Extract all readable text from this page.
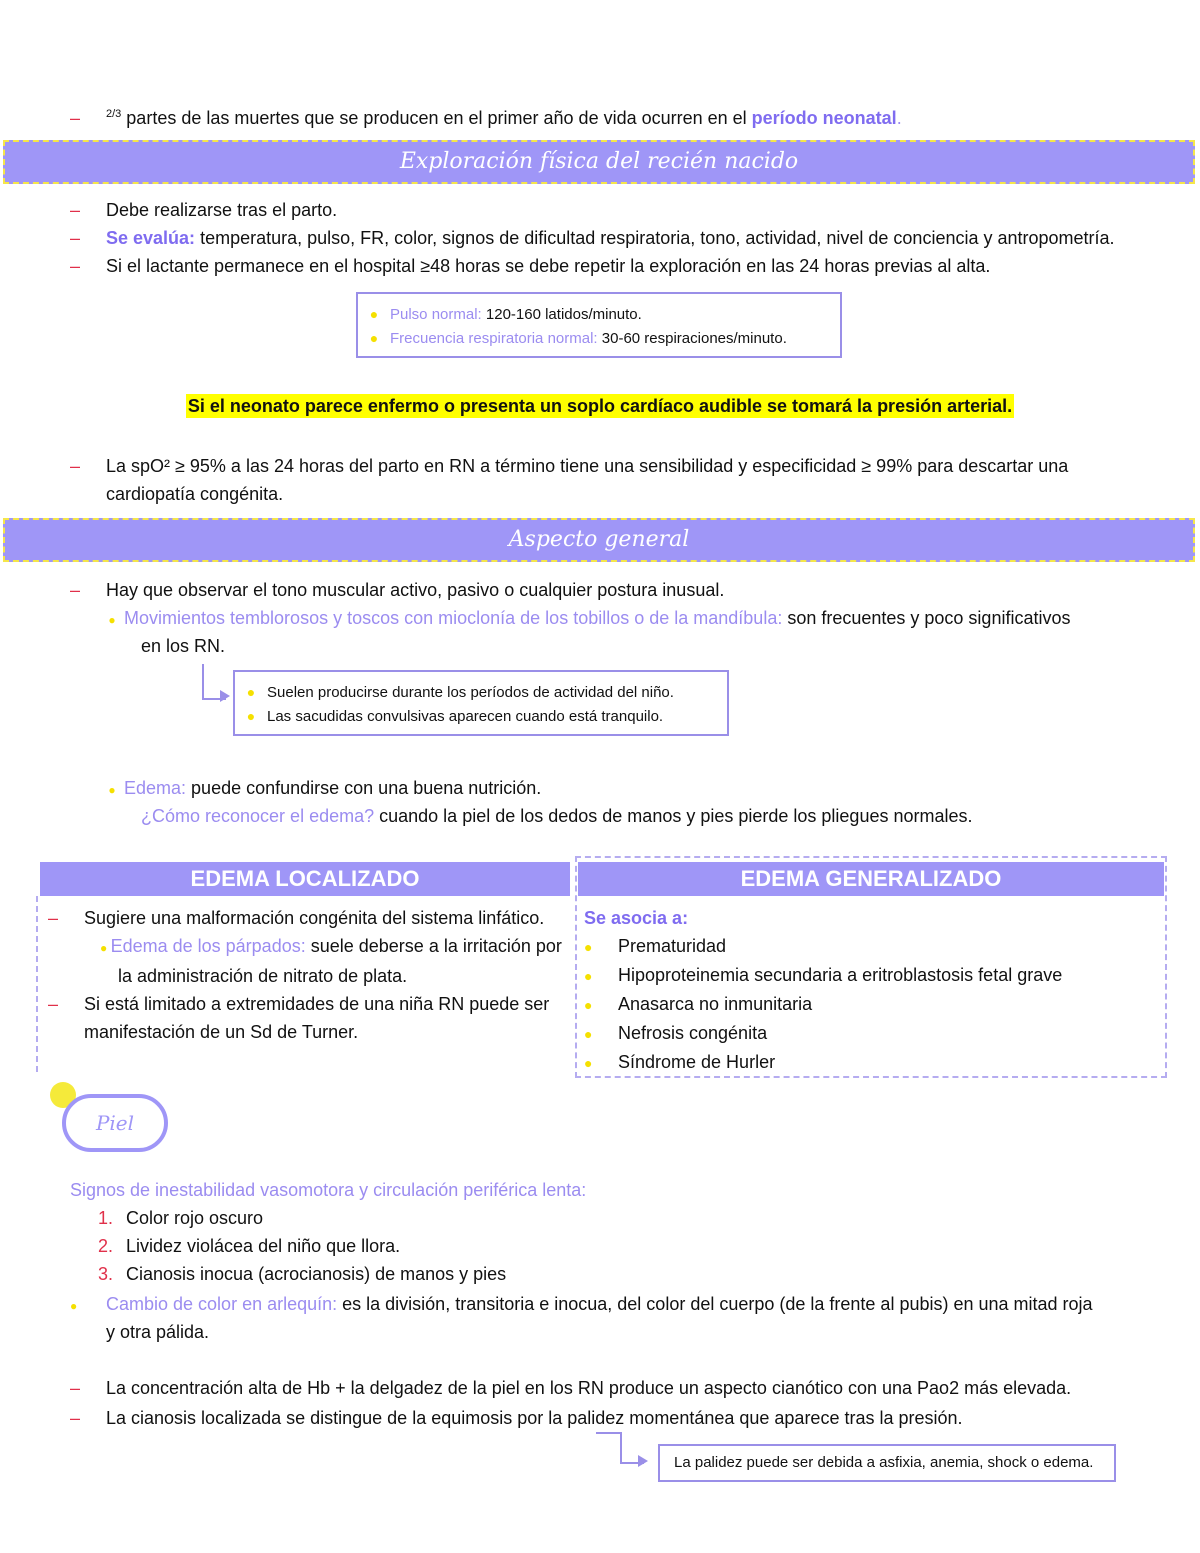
– $^{2/3}$ partes de las muertes que se producen en el primer año de vida ocurren en el período neonatal.
Exploración física del recién nacido
– Debe realizarse tras el parto.
– Se evalúa: temperatura, pulso, FR, color, signos de dificultad respiratoria, tono, actividad, nivel de conciencia y antropometría.
– Si el lactante permanece en el hospital ≥48 horas se debe repetir la exploración en las 24 horas previas al alta.
● Pulso normal: 120-160 latidos/minuto.
● Frecuencia respiratoria normal: 30-60 respiraciones/minuto.
Si el neonato parece enfermo o presenta un soplo cardíaco audible se tomará la presión arterial.
– La spO² ≥ 95% a las 24 horas del parto en RN a término tiene una sensibilidad y especificidad ≥ 99% para descartar una
cardiopatía congénita.
Aspecto general
– Hay que observar el tono muscular activo, pasivo o cualquier postura inusual.
● Movimientos temblorosos y toscos con mioclonía de los tobillos o de la mandíbula: son frecuentes y poco significativos
en los RN.
● Suelen producirse durante los períodos de actividad del niño.
● Las sacudidas convulsivas aparecen cuando está tranquilo.
● Edema: puede confundirse con una buena nutrición.
¿Cómo reconocer el edema? cuando la piel de los dedos de manos y pies pierde los pliegues normales.
EDEMA LOCALIZADO	EDEMA GENERALIZADO
– Sugiere una malformación congénita del sistema linfático.
● Edema de los párpados: suele deberse a la irritación por
la administración de nitrato de plata.
– Si está limitado a extremidades de una niña RN puede ser
manifestación de un Sd de Turner.
Se asocia a:
● Prematuridad
● Hipoproteinemia secundaria a eritroblastosis fetal grave
● Anasarca no inmunitaria
● Nefrosis congénita
● Síndrome de Hurler
Piel
Signos de inestabilidad vasomotora y circulación periférica lenta:
1. Color rojo oscuro
2. Lividez violácea del niño que llora.
3. Cianosis inocua (acrocianosis) de manos y pies
● Cambio de color en arlequín: es la división, transitoria e inocua, del color del cuerpo (de la frente al pubis) en una mitad roja
y otra pálida.
– La concentración alta de Hb + la delgadez de la piel en los RN produce un aspecto cianótico con una Pao2 más elevada.
– La cianosis localizada se distingue de la equimosis por la palidez momentánea que aparece tras la presión.
La palidez puede ser debida a asfixia, anemia, shock o edema.
